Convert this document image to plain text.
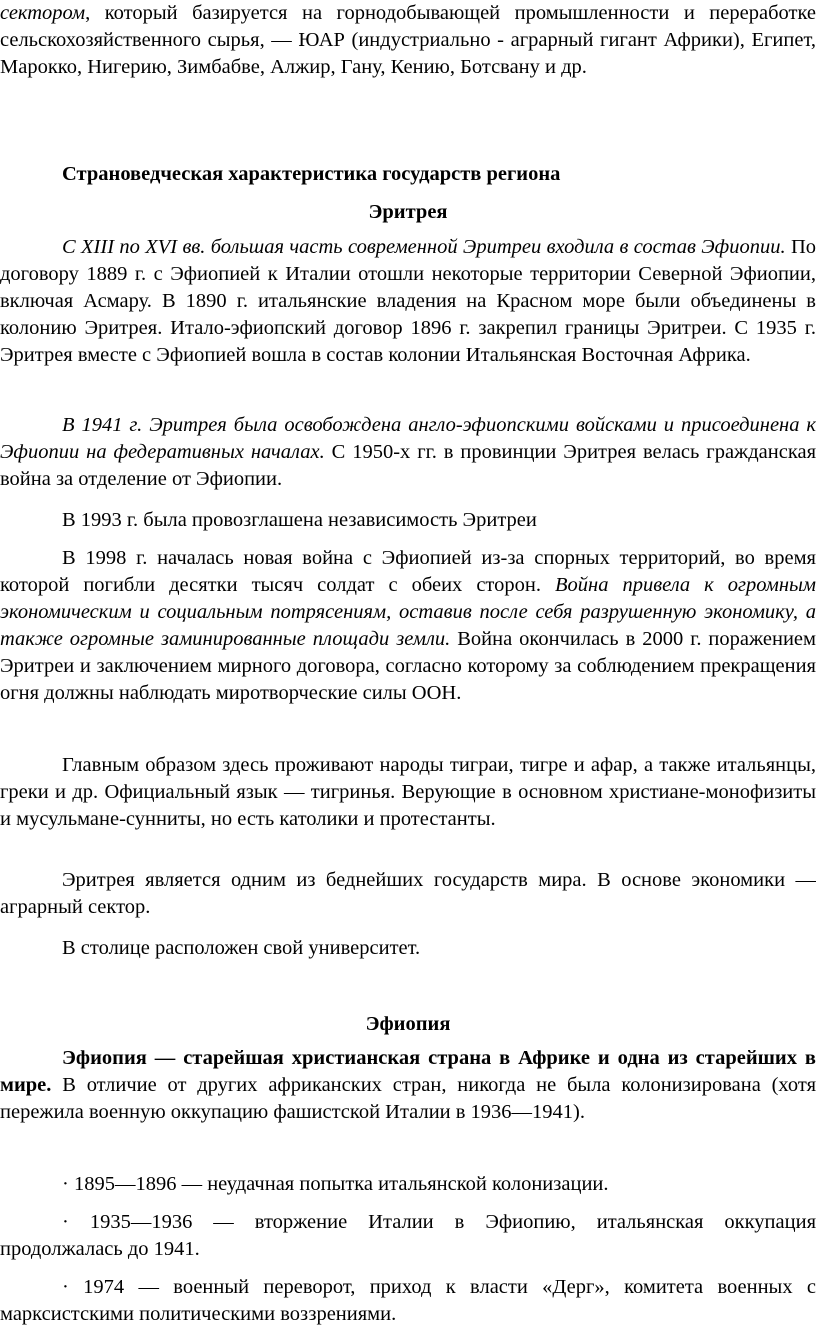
сектором, который базируется на горнодобывающей промышленности и переработке сельскохозяйственного сырья, — ЮАР (индустриально - аграрный гигант Африки), Египет, Марокко, Нигерию, Зимбабве, Алжир, Гану, Кению, Ботсвану и др.

Страноведческая характеристика государств региона
Эритрея

С XIII по XVI вв. большая часть современной Эритреи входила в состав Эфиопии. По договору 1889 г. с Эфиопией к Италии отошли некоторые территории Северной Эфиопии, включая Асмару. В 1890 г. итальянские владения на Красном море были объединены в колонию Эритрея. Итало-эфиопский договор 1896 г. закрепил границы Эритреи. С 1935 г. Эритрея вместе с Эфиопией вошла в состав колонии Итальянская Восточная Африка.

В 1941 г. Эритрея была освобождена англо-эфиопскими войсками и присоединена к Эфиопии на федеративных началах. С 1950-х гг. в провинции Эритрея велась гражданская война за отделение от Эфиопии.

В 1993 г. была провозглашена независимость Эритреи

В 1998 г. началась новая война с Эфиопией из-за спорных территорий, во время которой погибли десятки тысяч солдат с обеих сторон. Война привела к огромным экономическим и социальным потрясениям, оставив после себя разрушенную экономику, а также огромные заминированные площади земли. Война окончилась в 2000 г. поражением Эритреи и заключением мирного договора, согласно которому за соблюдением прекращения огня должны наблюдать миротворческие силы ООН.

Главным образом здесь проживают народы тиграи, тигре и афар, а также итальянцы, греки и др. Официальный язык — тигринья. Верующие в основном христиане-монофизиты и мусульмане-сунниты, но есть католики и протестанты.

Эритрея является одним из беднейших государств мира. В основе экономики — аграрный сектор.

В столице расположен свой университет.

Эфиопия

Эфиопия — старейшая христианская страна в Африке и одна из старейших в мире. В отличие от других африканских стран, никогда не была колонизирована (хотя пережила военную оккупацию фашистской Италии в 1936—1941).

· 1895—1896 — неудачная попытка итальянской колонизации.

· 1935—1936 — вторжение Италии в Эфиопию, итальянская оккупация продолжалась до 1941.

· 1974 — военный переворот, приход к власти «Дерг», комитета военных с марксистскими политическими воззрениями.
